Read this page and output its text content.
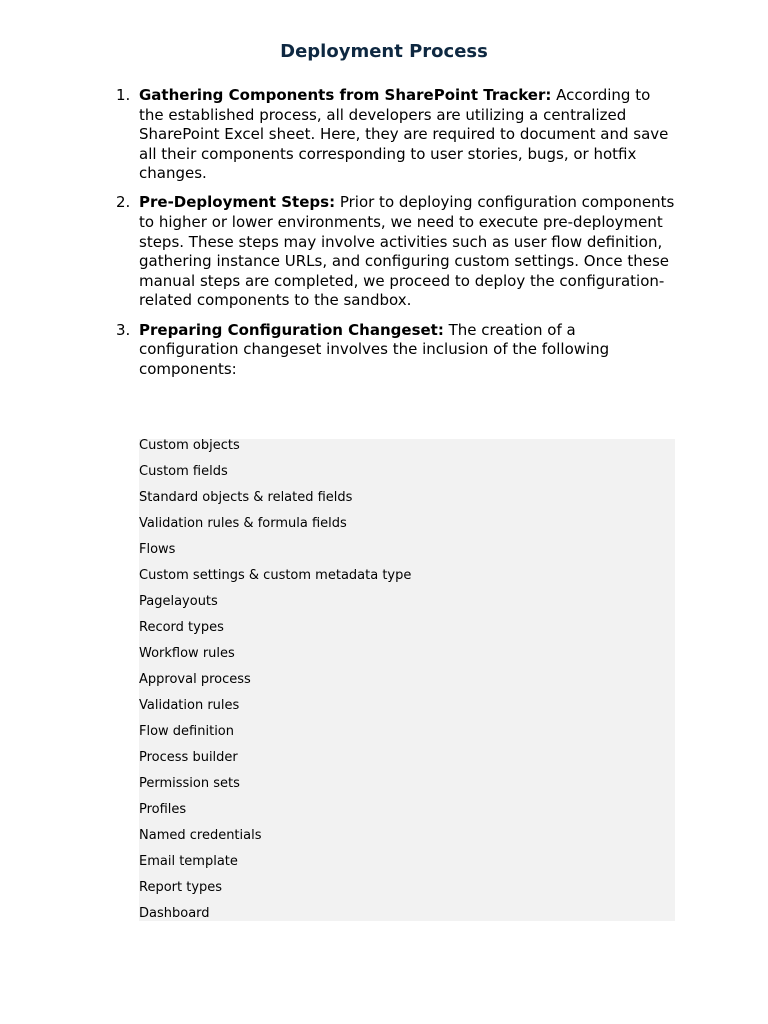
Deployment Process
1. Gathering Components from SharePoint Tracker: According to the established process, all developers are utilizing a centralized SharePoint Excel sheet. Here, they are required to document and save all their components corresponding to user stories, bugs, or hotfix changes.
2. Pre-Deployment Steps: Prior to deploying configuration components to higher or lower environments, we need to execute pre-deployment steps. These steps may involve activities such as user flow definition, gathering instance URLs, and configuring custom settings. Once these manual steps are completed, we proceed to deploy the configuration-related components to the sandbox.
3. Preparing Configuration Changeset: The creation of a configuration changeset involves the inclusion of the following components:
Custom objects
Custom fields
Standard objects & related fields
Validation rules & formula fields
Flows
Custom settings & custom metadata type
Pagelayouts
Record types
Workflow rules
Approval process
Validation rules
Flow definition
Process builder
Permission sets
Profiles
Named credentials
Email template
Report types
Dashboard
